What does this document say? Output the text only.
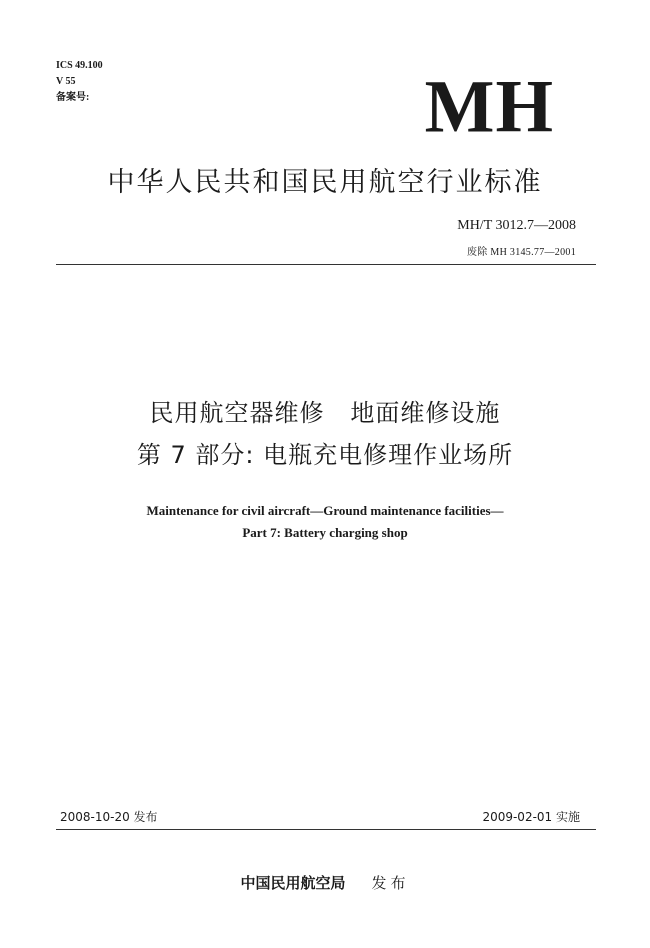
ICS 49.100
V 55
备案号:	MH
中华人民共和国民用航空行业标准
MH/T 3012.7—2008
废除 MH 3145.77—2001
民用航空器维修   地面维修设施
第 7 部分: 电瓶充电修理作业场所
Maintenance for civil aircraft—Ground maintenance facilities—
Part 7: Battery charging shop
2008-10-20 发布	2009-02-01 实施
中国民用航空局 发布
